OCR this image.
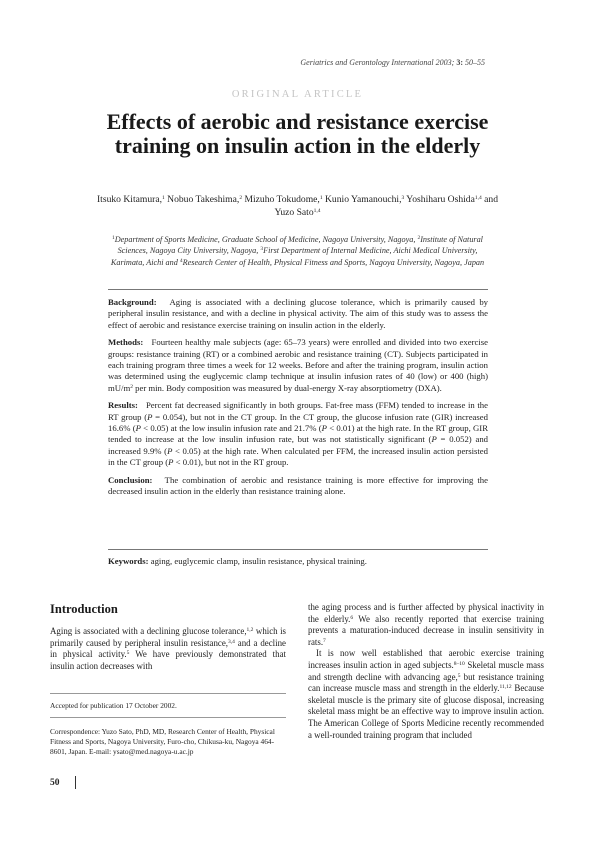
Geriatrics and Gerontology International 2003; 3: 50–55
ORIGINAL ARTICLE
Effects of aerobic and resistance exercise training on insulin action in the elderly
Itsuko Kitamura,$^1$ Nobuo Takeshima,$^2$ Mizuho Tokudome,$^1$ Kunio Yamanouchi,$^3$ Yoshiharu Oshida$^{1,4}$ and Yuzo Sato$^{1,4}$
$^1$Department of Sports Medicine, Graduate School of Medicine, Nagoya University, Nagoya, $^2$Institute of Natural Sciences, Nagoya City University, Nagoya, $^3$First Department of Internal Medicine, Aichi Medical University, Karimata, Aichi and $^4$Research Center of Health, Physical Fitness and Sports, Nagoya University, Nagoya, Japan

Background: Aging is associated with a declining glucose tolerance, which is primarily caused by peripheral insulin resistance, and with a decline in physical activity. The aim of this study was to assess the effect of aerobic and resistance exercise training on insulin action in the elderly.

Methods: Fourteen healthy male subjects (age: 65–73 years) were enrolled and divided into two exercise groups: resistance training (RT) or a combined aerobic and resistance training (CT). Subjects participated in each training program three times a week for 12 weeks. Before and after the training program, insulin action was determined using the euglycemic clamp technique at insulin infusion rates of 40 (low) or 400 (high) $mU/m^2$ per min. Body composition was measured by dual-energy X-ray absorptiometry (DXA).

Results: Percent fat decreased significantly in both groups. Fat-free mass (FFM) tended to increase in the RT group (P = 0.054), but not in the CT group. In the CT group, the glucose infusion rate (GIR) increased 16.6% (P < 0.05) at the low insulin infusion rate and 21.7% (P < 0.01) at the high rate. In the RT group, GIR tended to increase at the low insulin infusion rate, but was not statistically significant (P = 0.052) and increased 9.9% (P < 0.05) at the high rate. When calculated per FFM, the increased insulin action persisted in the CT group (P < 0.01), but not in the RT group.

Conclusion: The combination of aerobic and resistance training is more effective for improving the decreased insulin action in the elderly than resistance training alone.

Keywords: aging, euglycemic clamp, insulin resistance, physical training.
Introduction

Aging is associated with a declining glucose tolerance,$^{1,2}$ which is primarily caused by peripheral insulin resistance,$^{3,4}$ and a decline in physical activity.$^5$ We have previously demonstrated that insulin action decreases with

Accepted for publication 17 October 2002.
Correspondence: Yuzo Sato, PhD, MD, Research Center of Health, Physical Fitness and Sports, Nagoya University, Furo-cho, Chikusa-ku, Nagoya 464-8601, Japan. E-mail: ysato@med.nagoya-u.ac.jp

the aging process and is further affected by physical inactivity in the elderly.$^6$ We also recently reported that exercise training prevents a maturation-induced decrease in insulin sensitivity in rats.$^7$

It is now well established that aerobic exercise training increases insulin action in aged subjects.$^{8-10}$ Skeletal muscle mass and strength decline with advancing age,$^5$ but resistance training can increase muscle mass and strength in the elderly.$^{11,12}$ Because skeletal muscle is the primary site of glucose disposal, increasing skeletal mass might be an effective way to improve insulin action. The American College of Sports Medicine recently recommended a well-rounded training program that included

50
